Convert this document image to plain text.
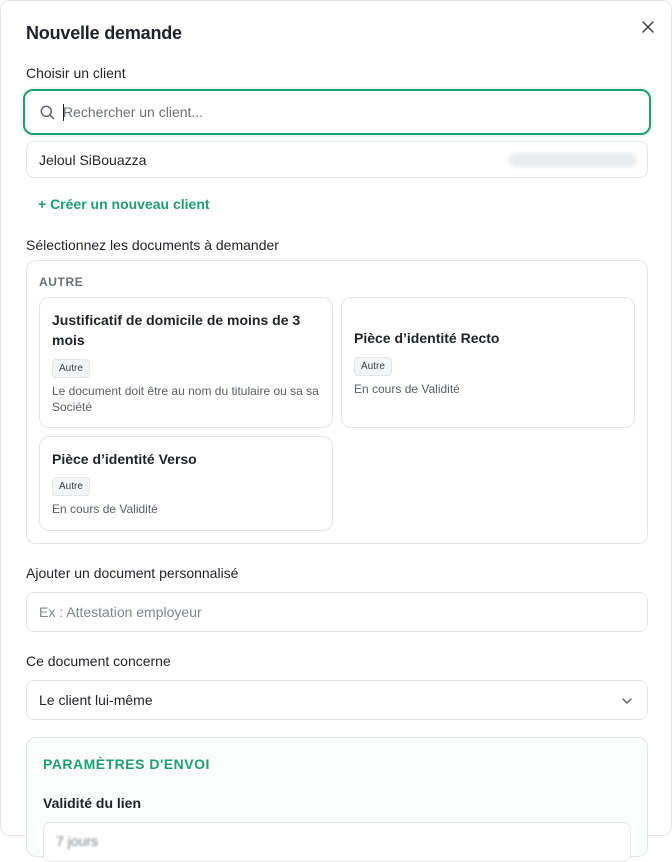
Nouvelle demande
Choisir un client
Rechercher un client...
Jeloul SiBouazza
+ Créer un nouveau client
Sélectionnez les documents à demander
AUTRE
Justificatif de domicile de moins de 3 mois
Autre
Le document doit être au nom du titulaire ou sa sa Société
Pièce d’identité Recto
Autre
En cours de Validité
Pièce d’identité Verso
Autre
En cours de Validité
Ajouter un document personnalisé
Ex : Attestation employeur
Ce document concerne
Le client lui-même
PARAMÈTRES D'ENVOI
Validité du lien
7 jours
